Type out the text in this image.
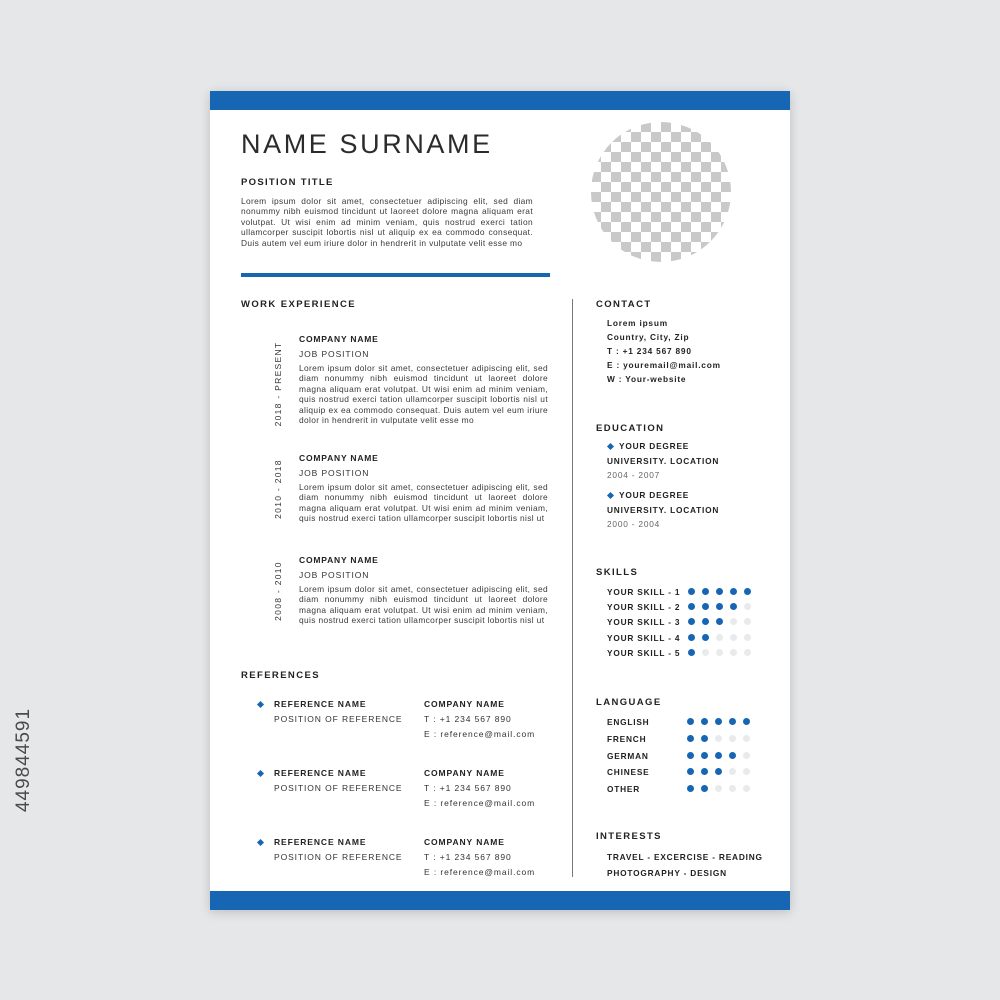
NAME SURNAME
POSITION TITLE

Lorem ipsum dolor sit amet, consectetuer adipiscing elit, sed diam nonummy nibh euismod tincidunt ut laoreet dolore magna aliquam erat volutpat. Ut wisi enim ad minim veniam, quis nostrud exerci tation ullamcorper suscipit lobortis nisl ut aliquip ex ea commodo consequat. Duis autem vel eum iriure dolor in hendrerit in vulputate velit esse mo

WORK EXPERIENCE
2018 - PRESENT
COMPANY NAME
JOB POSITION

Lorem ipsum dolor sit amet, consectetuer adipiscing elit, sed diam nonummy nibh euismod tincidunt ut laoreet dolore magna aliquam erat volutpat. Ut wisi enim ad minim veniam, quis nostrud exerci tation ullamcorper suscipit lobortis nisl ut aliquip ex ea commodo consequat. Duis autem vel eum iriure dolor in hendrerit in vulputate velit esse mo

2010 - 2018
COMPANY NAME
JOB POSITION

Lorem ipsum dolor sit amet, consectetuer adipiscing elit, sed diam nonummy nibh euismod tincidunt ut laoreet dolore magna aliquam erat volutpat. Ut wisi enim ad minim veniam, quis nostrud exerci tation ullamcorper suscipit lobortis nisl ut

2008 - 2010
COMPANY NAME
JOB POSITION

Lorem ipsum dolor sit amet, consectetuer adipiscing elit, sed diam nonummy nibh euismod tincidunt ut laoreet dolore magna aliquam erat volutpat. Ut wisi enim ad minim veniam, quis nostrud exerci tation ullamcorper suscipit lobortis nisl ut

REFERENCES
REFERENCE NAME
POSITION OF REFERENCE
COMPANY NAME
T : +1 234 567 890
E : reference@mail.com
REFERENCE NAME
POSITION OF REFERENCE
COMPANY NAME
T : +1 234 567 890
E : reference@mail.com
REFERENCE NAME
POSITION OF REFERENCE
COMPANY NAME
T : +1 234 567 890
E : reference@mail.com
CONTACT
Lorem ipsum
Country, City, Zip
T : +1 234 567 890
E : youremail@mail.com
W : Your-website
EDUCATION
YOUR DEGREE
UNIVERSITY. LOCATION
2004 - 2007
YOUR DEGREE
UNIVERSITY. LOCATION
2000 - 2004
SKILLS
YOUR SKILL - 1
YOUR SKILL - 2
YOUR SKILL - 3
YOUR SKILL - 4
YOUR SKILL - 5
LANGUAGE
ENGLISH
FRENCH
GERMAN
CHINESE
OTHER
INTERESTS
TRAVEL - EXCERCISE - READING
PHOTOGRAPHY - DESIGN
449844591
